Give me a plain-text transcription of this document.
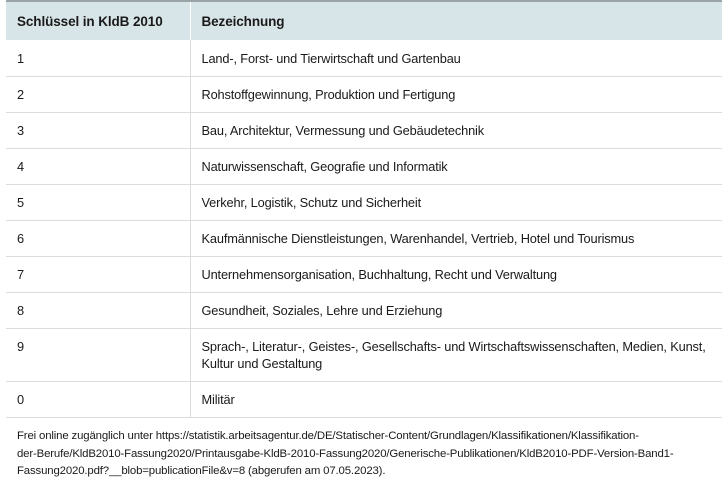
Schlüssel in KldB 2010	Bezeichnung
1	Land-, Forst- und Tierwirtschaft und Gartenbau
2	Rohstoffgewinnung, Produktion und Fertigung
3	Bau, Architektur, Vermessung und Gebäudetechnik
4	Naturwissenschaft, Geografie und Informatik
5	Verkehr, Logistik, Schutz und Sicherheit
6	Kaufmännische Dienstleistungen, Warenhandel, Vertrieb, Hotel und Tourismus
7	Unternehmensorganisation, Buchhaltung, Recht und Verwaltung
8	Gesundheit, Soziales, Lehre und Erziehung
9	Sprach-, Literatur-, Geistes-, Gesellschafts- und Wirtschaftswissenschaften, Medien, Kunst, Kultur und Gestaltung
0	Militär
Frei online zugänglich unter https://statistik.arbeitsagentur.de/DE/Statischer-Content/Grundlagen/Klassifikationen/Klassifikation-
der-Berufe/KldB2010-Fassung2020/Printausgabe-KldB-2010-Fassung2020/Generische-Publikationen/KldB2010-PDF-Version-Band1-
Fassung2020.pdf?__blob=publicationFile&v=8 (abgerufen am 07.05.2023).
